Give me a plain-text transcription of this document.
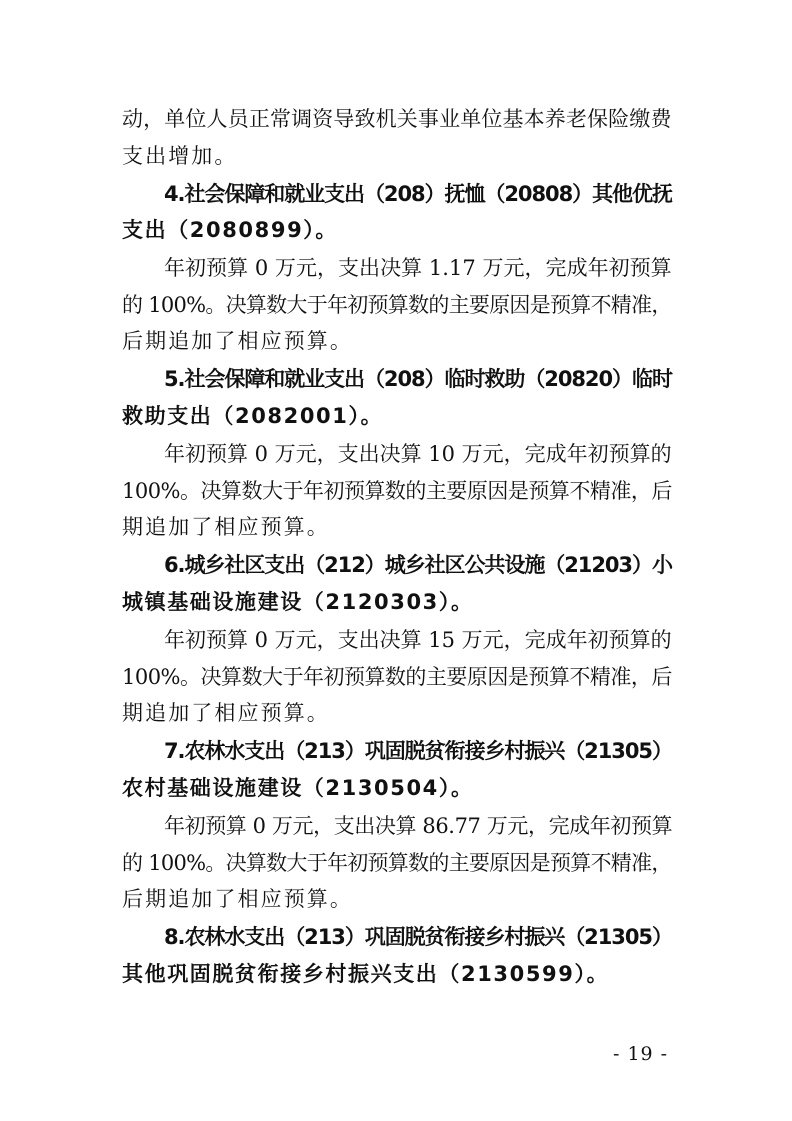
动，单位人员正常调资导致机关事业单位基本养老保险缴费
支出增加。
4.社会保障和就业支出（208）抚恤（20808）其他优抚
支出（2080899）。
年初预算 0 万元，支出决算 1.17 万元，完成年初预算
的 100%。决算数大于年初预算数的主要原因是预算不精准，
后期追加了相应预算。
5.社会保障和就业支出（208）临时救助（20820）临时
救助支出（2082001）。
年初预算 0 万元，支出决算 10 万元，完成年初预算的
100%。决算数大于年初预算数的主要原因是预算不精准，后
期追加了相应预算。
6.城乡社区支出（212）城乡社区公共设施（21203）小
城镇基础设施建设（2120303）。
年初预算 0 万元，支出决算 15 万元，完成年初预算的
100%。决算数大于年初预算数的主要原因是预算不精准，后
期追加了相应预算。
7.农林水支出（213）巩固脱贫衔接乡村振兴（21305）
农村基础设施建设（2130504）。
年初预算 0 万元，支出决算 86.77 万元，完成年初预算
的 100%。决算数大于年初预算数的主要原因是预算不精准，
后期追加了相应预算。
8.农林水支出（213）巩固脱贫衔接乡村振兴（21305）
其他巩固脱贫衔接乡村振兴支出（2130599）。
- 19 -
